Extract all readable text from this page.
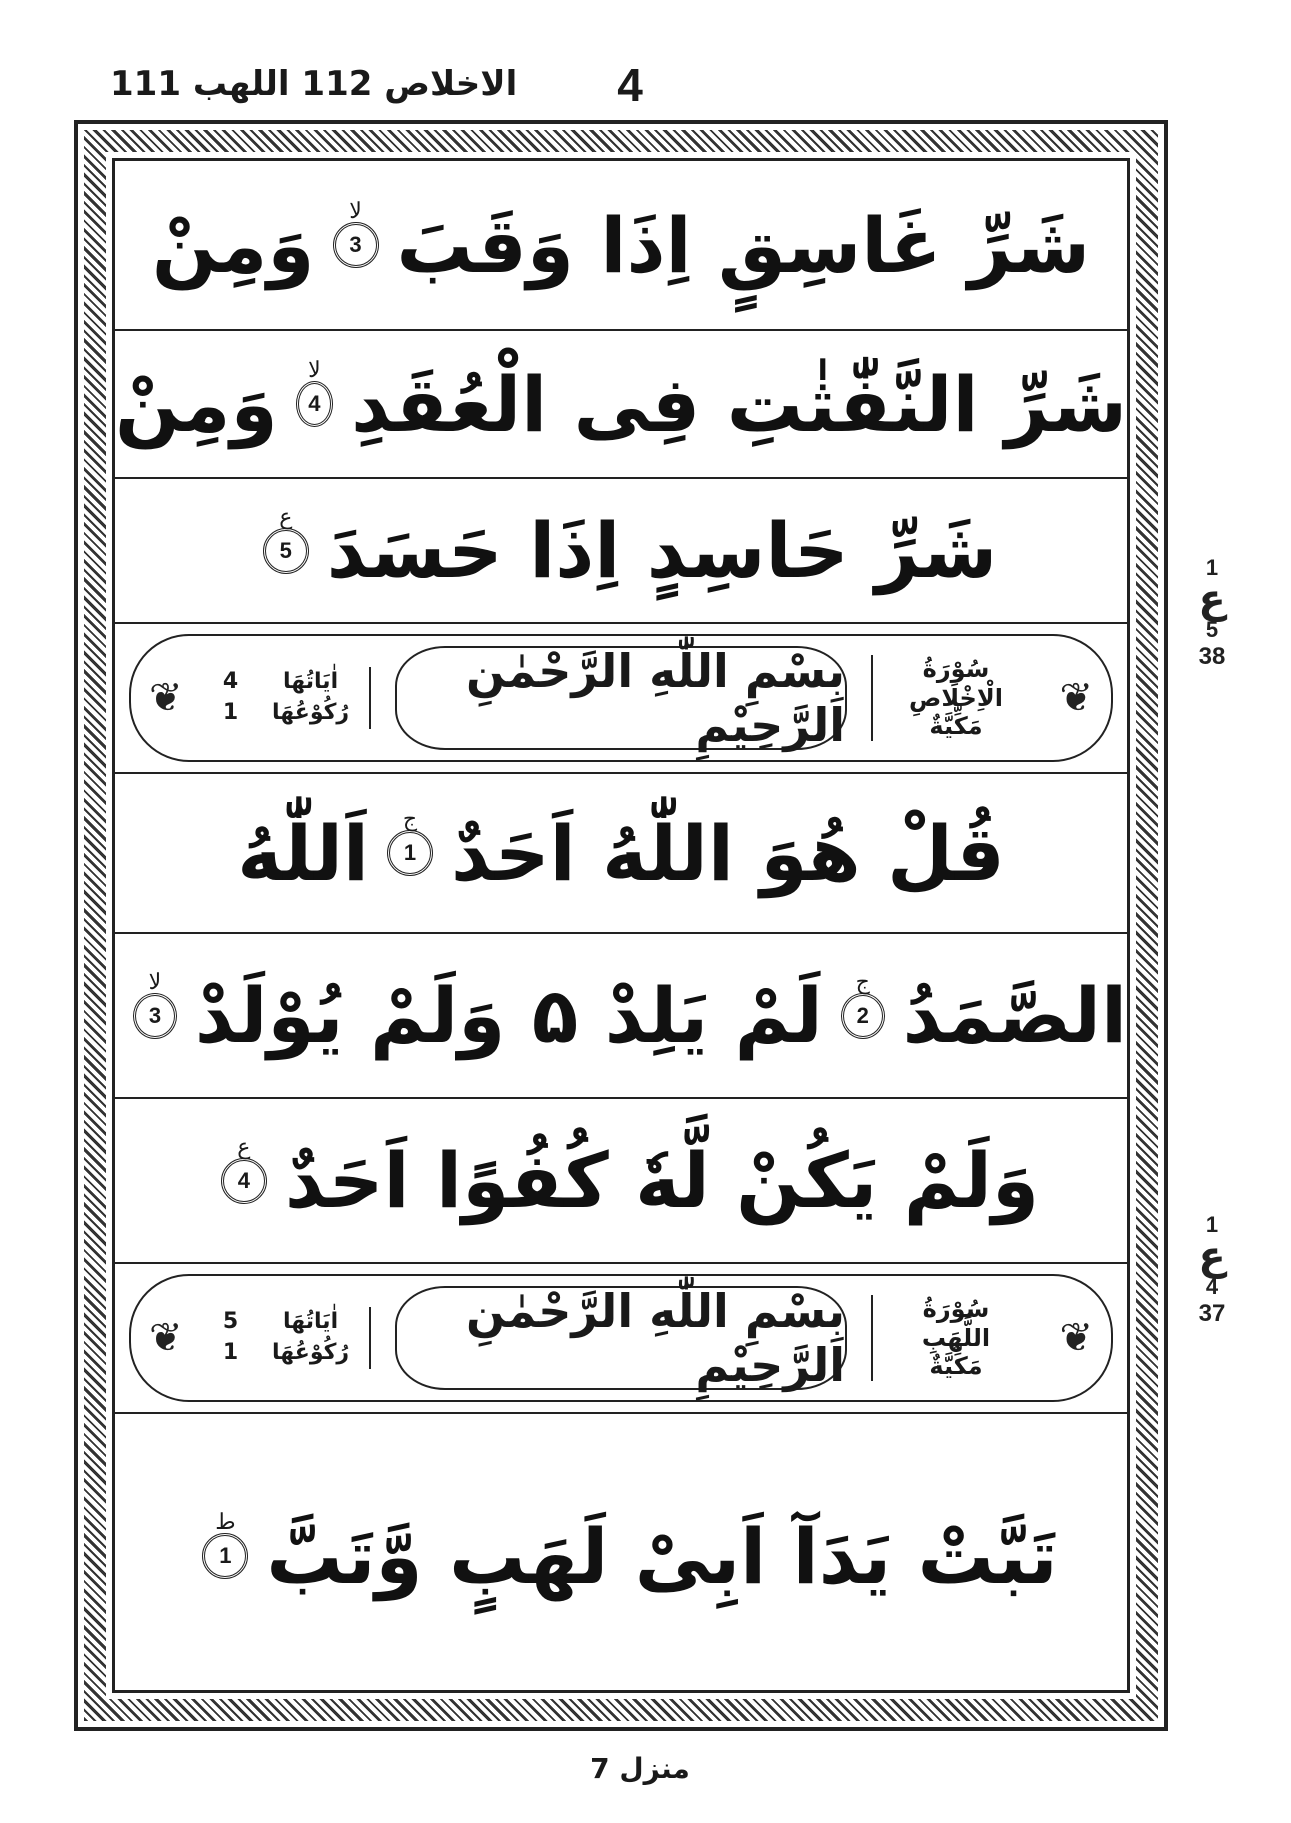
الاخلاص 112 اللهب 111	4
شَرِّ غَاسِقٍ اِذَا وَقَبَ
3
لا
وَمِنْ
شَرِّ النَّفّٰثٰتِ فِی الْعُقَدِ
4
لا
وَمِنْ
شَرِّ حَاسِدٍ اِذَا حَسَدَ
5
ع
❦
سُوْرَةُ
الْاِخْلَاصِ
مَكِّيَّةٌ
بِسْمِ اللّٰهِ الرَّحْمٰنِ الرَّحِيْمِ
اٰيَاتُهَا
4
رُكُوْعُهَا
1
❦
قُلْ هُوَ اللّٰهُ اَحَدٌ
1
ج
اَللّٰهُ
الصَّمَدُ
2
ج
لَمْ يَلِدْ ۵ وَلَمْ يُوْلَدْ
3
لا
وَلَمْ يَكُنْ لَّهٗ كُفُوًا اَحَدٌ
4
ع
❦
سُوْرَةُ
اللَّهَبِ
مَكِّيَّةٌ
بِسْمِ اللّٰهِ الرَّحْمٰنِ الرَّحِيْمِ
اٰيَاتُهَا
5
رُكُوْعُهَا
1
❦
تَبَّتْ يَدَآ اَبِیْ لَهَبٍ وَّتَبَّ
1
ط
1
ع
5
38
1
ع
4
37
منزل 7
